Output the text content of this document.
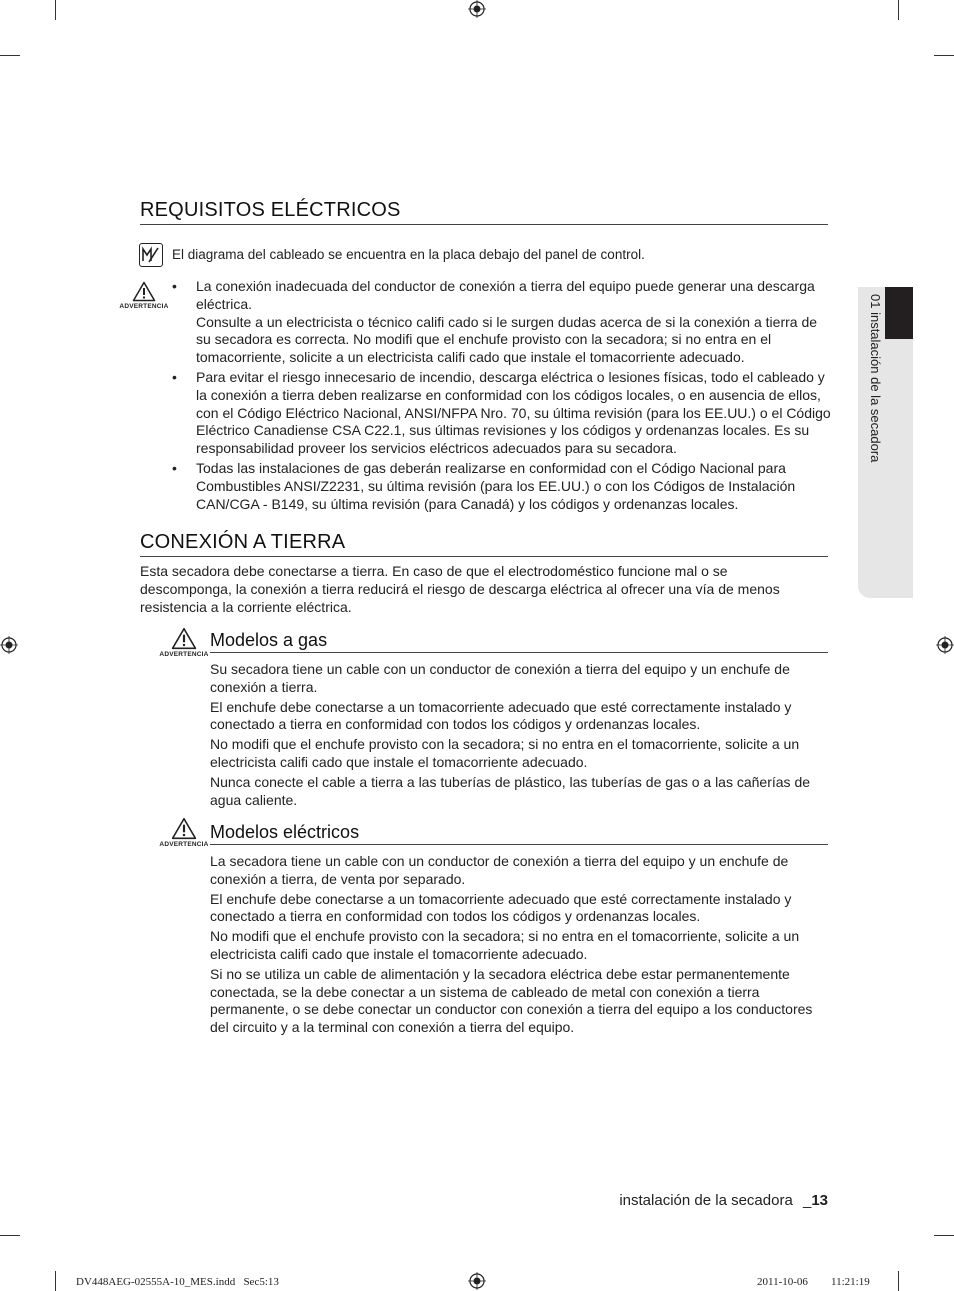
01 instalación de la secadora
REQUISITOS ELÉCTRICOS
El diagrama del cableado se encuentra en la placa debajo del panel de control.
ADVERTENCIA
• La conexión inadecuada del conductor de conexión a tierra del equipo puede generar una descarga eléctrica.
Consulte a un electricista o técnico califi cado si le surgen dudas acerca de si la conexión a tierra de su secadora es correcta. No modifi que el enchufe provisto con la secadora; si no entra en el tomacorriente, solicite a un electricista califi cado que instale el tomacorriente adecuado.
• Para evitar el riesgo innecesario de incendio, descarga eléctrica o lesiones físicas, todo el cableado y la conexión a tierra deben realizarse en conformidad con los códigos locales, o en ausencia de ellos, con el Código Eléctrico Nacional, ANSI/NFPA Nro. 70, su última revisión (para los EE.UU.) o el Código Eléctrico Canadiense CSA C22.1, sus últimas revisiones y los códigos y ordenanzas locales. Es su responsabilidad proveer los servicios eléctricos adecuados para su secadora.
• Todas las instalaciones de gas deberán realizarse en conformidad con el Código Nacional para Combustibles ANSI/Z2231, su última revisión (para los EE.UU.) o con los Códigos de Instalación CAN/CGA - B149, su última revisión (para Canadá) y los códigos y ordenanzas locales.
CONEXIÓN A TIERRA
Esta secadora debe conectarse a tierra. En caso de que el electrodoméstico funcione mal o se descomponga, la conexión a tierra reducirá el riesgo de descarga eléctrica al ofrecer una vía de menos resistencia a la corriente eléctrica.
ADVERTENCIA
Modelos a gas

Su secadora tiene un cable con un conductor de conexión a tierra del equipo y un enchufe de conexión a tierra.

El enchufe debe conectarse a un tomacorriente adecuado que esté correctamente instalado y conectado a tierra en conformidad con todos los códigos y ordenanzas locales.

No modifi que el enchufe provisto con la secadora; si no entra en el tomacorriente, solicite a un electricista califi cado que instale el tomacorriente adecuado.

Nunca conecte el cable a tierra a las tuberías de plástico, las tuberías de gas o a las cañerías de agua caliente.

ADVERTENCIA
Modelos eléctricos

La secadora tiene un cable con un conductor de conexión a tierra del equipo y un enchufe de conexión a tierra, de venta por separado.

El enchufe debe conectarse a un tomacorriente adecuado que esté correctamente instalado y conectado a tierra en conformidad con todos los códigos y ordenanzas locales.

No modifi que el enchufe provisto con la secadora; si no entra en el tomacorriente, solicite a un electricista califi cado que instale el tomacorriente adecuado.

Si no se utiliza un cable de alimentación y la secadora eléctrica debe estar permanentemente conectada, se la debe conectar a un sistema de cableado de metal con conexión a tierra permanente, o se debe conectar un conductor con conexión a tierra del equipo a los conductores del circuito y a la terminal con conexión a tierra del equipo.

instalación de la secadora _13
DV448AEG-02555A-10_MES.indd   Sec5:13	2011-10-06 11:21:19
